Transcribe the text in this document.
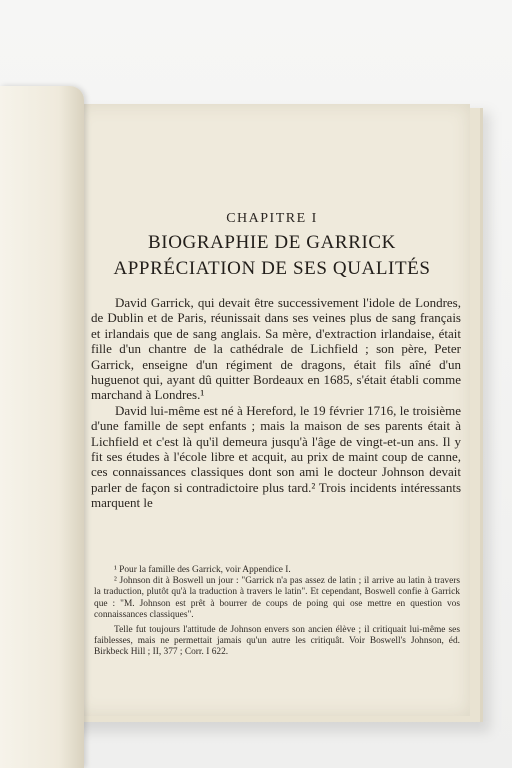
CHAPITRE I
BIOGRAPHIE DE GARRICK
APPRÉCIATION DE SES QUALITÉS

David Garrick, qui devait être successivement l'idole de Londres, de Dublin et de Paris, réunissait dans ses veines plus de sang français et irlandais que de sang anglais. Sa mère, d'extraction irlandaise, était fille d'un chantre de la cathédrale de Lichfield ; son père, Peter Garrick, enseigne d'un régiment de dragons, était fils aîné d'un huguenot qui, ayant dû quitter Bordeaux en 1685, s'était établi comme marchand à Londres.¹

David lui-même est né à Hereford, le 19 février 1716, le troisième d'une famille de sept enfants ; mais la maison de ses parents était à Lichfield et c'est là qu'il demeura jusqu'à l'âge de vingt-et-un ans. Il y fit ses études à l'école libre et acquit, au prix de maint coup de canne, ces connaissances classiques dont son ami le docteur Johnson devait parler de façon si contradictoire plus tard.² Trois incidents intéressants marquent le

¹ Pour la famille des Garrick, voir Appendice I.

² Johnson dit à Boswell un jour : "Garrick n'a pas assez de latin ; il arrive au latin à travers la traduction, plutôt qu'à la traduction à travers le latin". Et cependant, Boswell confie à Garrick que : "M. Johnson est prêt à bourrer de coups de poing qui ose mettre en question vos connaissances classiques".

Telle fut toujours l'attitude de Johnson envers son ancien élève ; il critiquait lui-même ses faiblesses, mais ne permettait jamais qu'un autre les critiquât. Voir Boswell's Johnson, éd. Birkbeck Hill ; II, 377 ; Corr. I 622.
